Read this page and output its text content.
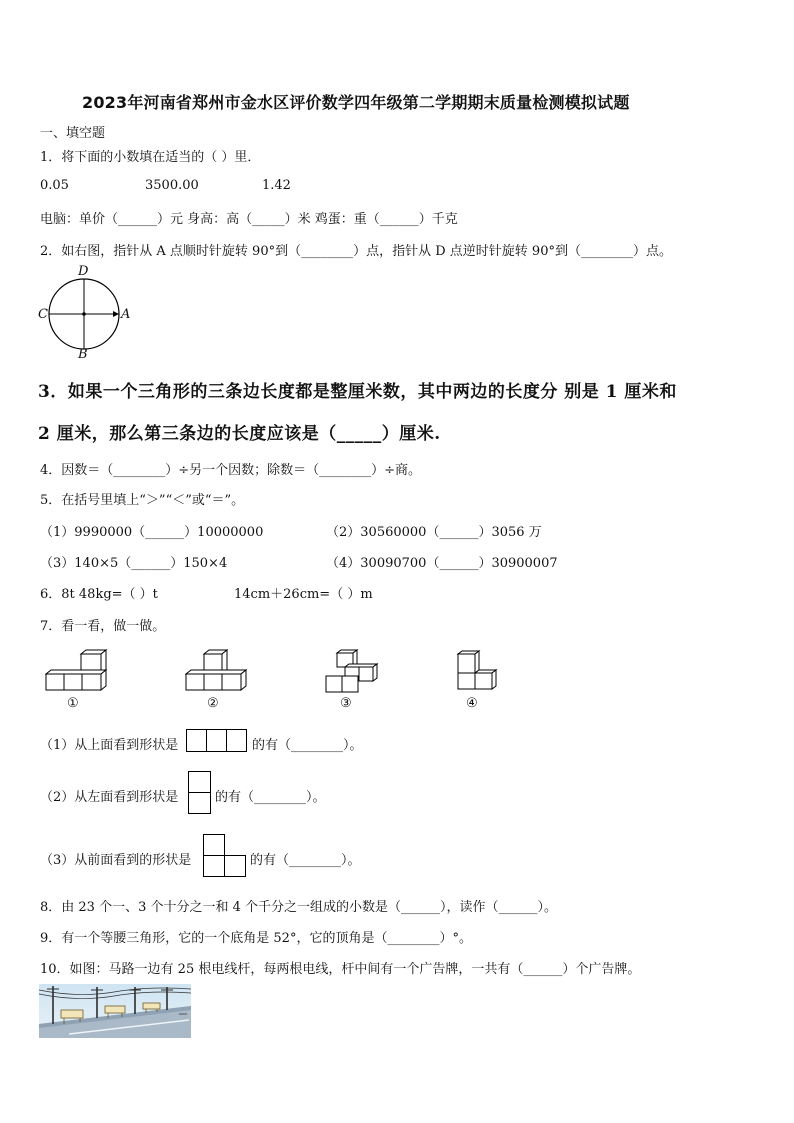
2023年河南省郑州市金水区评价数学四年级第二学期期末质量检测模拟试题
一、填空题
1．将下面的小数填在适当的（ ）里．
0.05	3500.00	1.42
电脑：单价（______）元 身高：高（_____）米 鸡蛋：重（______）千克
2．如右图，指针从 A 点顺时针旋转 90°到（________）点，指针从 D 点逆时针旋转 90°到（________）点。
D
C	A
B
3．如果一个三角形的三条边长度都是整厘米数，其中两边的长度分 别是 1 厘米和
2 厘米，那么第三条边的长度应该是（_____）厘米.
4．因数＝（________）÷另一个因数；除数＝（________）÷商。
5．在括号里填上“＞”“＜”或“＝”。
（1）9990000（______）10000000	（2）30560000（______）3056 万
（3）140×5（______）150×4	（4）30090700（______）30900007
6．8t 48kg=（ ）t	14cm＋26cm=（ ）m
7．看一看，做一做。
①	②	③	④
（1）从上面看到形状是	的有（________）。
（2）从左面看到形状是	的有（________）。
（3）从前面看到的形状是	的有（________）。
8．由 23 个一、3 个十分之一和 4 个千分之一组成的小数是（______），读作（______）。
9．有一个等腰三角形，它的一个底角是 52°，它的顶角是（________）°。
10．如图：马路一边有 25 根电线杆，每两根电线，杆中间有一个广告牌，一共有（______）个广告牌。
